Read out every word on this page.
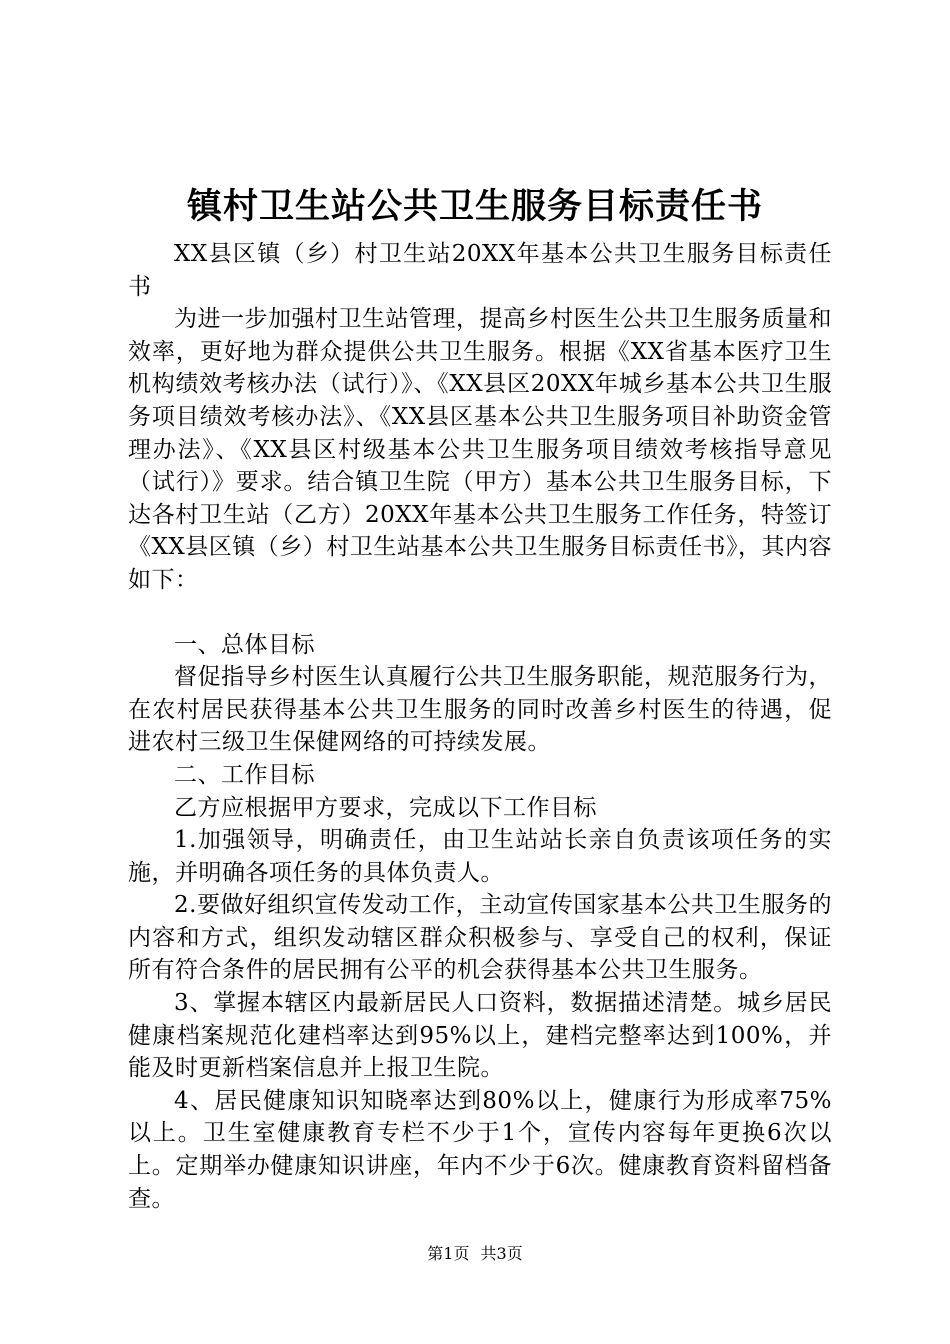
镇村卫生站公共卫生服务目标责任书

XX县区镇（乡）村卫生站20XX年基本公共卫生服务目标责任书

为进一步加强村卫生站管理，提高乡村医生公共卫生服务质量和效率，更好地为群众提供公共卫生服务。根据《XX省基本医疗卫生机构绩效考核办法（试行）》、《XX县区20XX年城乡基本公共卫生服务项目绩效考核办法》、《XX县区基本公共卫生服务项目补助资金管理办法》、《XX县区村级基本公共卫生服务项目绩效考核指导意见（试行）》要求。结合镇卫生院（甲方）基本公共卫生服务目标，下达各村卫生站（乙方）20XX年基本公共卫生服务工作任务，特签订《XX县区镇（乡）村卫生站基本公共卫生服务目标责任书》，其内容如下：

一、总体目标

督促指导乡村医生认真履行公共卫生服务职能，规范服务行为，在农村居民获得基本公共卫生服务的同时改善乡村医生的待遇，促进农村三级卫生保健网络的可持续发展。

二、工作目标

乙方应根据甲方要求，完成以下工作目标

1.加强领导，明确责任，由卫生站站长亲自负责该项任务的实施，并明确各项任务的具体负责人。

2.要做好组织宣传发动工作，主动宣传国家基本公共卫生服务的内容和方式，组织发动辖区群众积极参与、享受自己的权利，保证所有符合条件的居民拥有公平的机会获得基本公共卫生服务。

3、掌握本辖区内最新居民人口资料，数据描述清楚。城乡居民健康档案规范化建档率达到95%以上，建档完整率达到100%，并能及时更新档案信息并上报卫生院。

4、居民健康知识知晓率达到80%以上，健康行为形成率75%以上。卫生室健康教育专栏不少于1个，宣传内容每年更换6次以上。定期举办健康知识讲座，年内不少于6次。健康教育资料留档备查。

第1页 共3页
